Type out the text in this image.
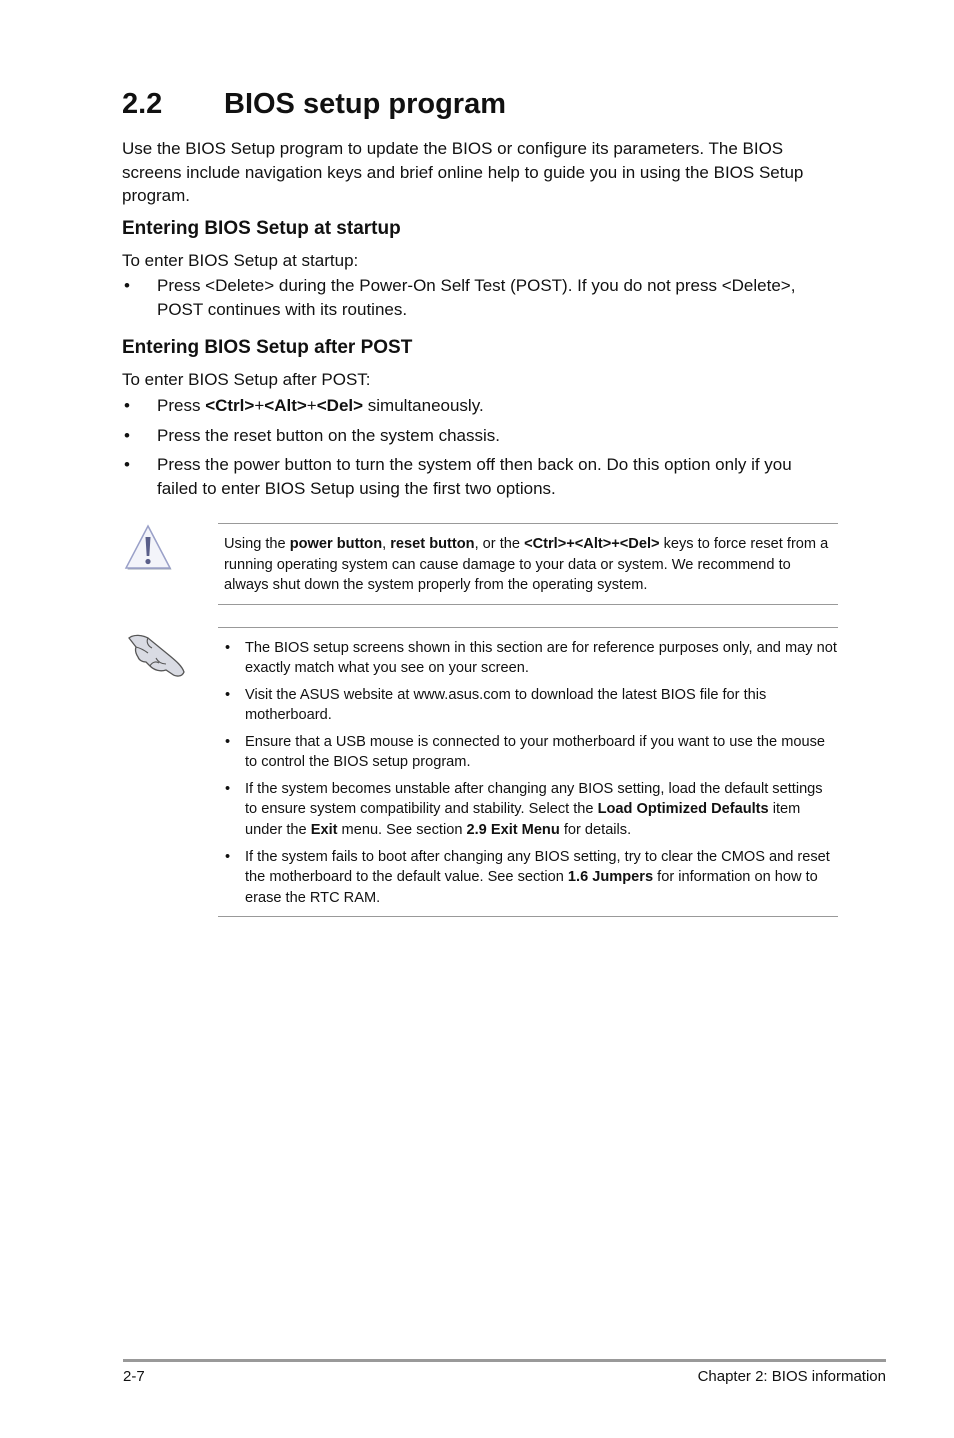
2.2 BIOS setup program

Use the BIOS Setup program to update the BIOS or configure its parameters. The BIOS screens include navigation keys and brief online help to guide you in using the BIOS Setup program.

Entering BIOS Setup at startup

To enter BIOS Setup at startup:

• Press <Delete> during the Power-On Self Test (POST). If you do not press <Delete>, POST continues with its routines.
Entering BIOS Setup after POST

To enter BIOS Setup after POST:

• Press <Ctrl>+<Alt>+<Del> simultaneously.
• Press the reset button on the system chassis.
• Press the power button to turn the system off then back on. Do this option only if you failed to enter BIOS Setup using the first two options.
Using the power button, reset button, or the <Ctrl>+<Alt>+<Del> keys to force reset from a running operating system can cause damage to your data or system. We recommend to always shut down the system properly from the operating system.
• The BIOS setup screens shown in this section are for reference purposes only, and may not exactly match what you see on your screen.
• Visit the ASUS website at www.asus.com to download the latest BIOS file for this motherboard.
• Ensure that a USB mouse is connected to your motherboard if you want to use the mouse to control the BIOS setup program.
• If the system becomes unstable after changing any BIOS setting, load the default settings to ensure system compatibility and stability. Select the Load Optimized Defaults item under the Exit menu. See section 2.9 Exit Menu for details.
• If the system fails to boot after changing any BIOS setting, try to clear the CMOS and reset the motherboard to the default value. See section 1.6 Jumpers for information on how to erase the RTC RAM.
2-7	Chapter 2: BIOS information
